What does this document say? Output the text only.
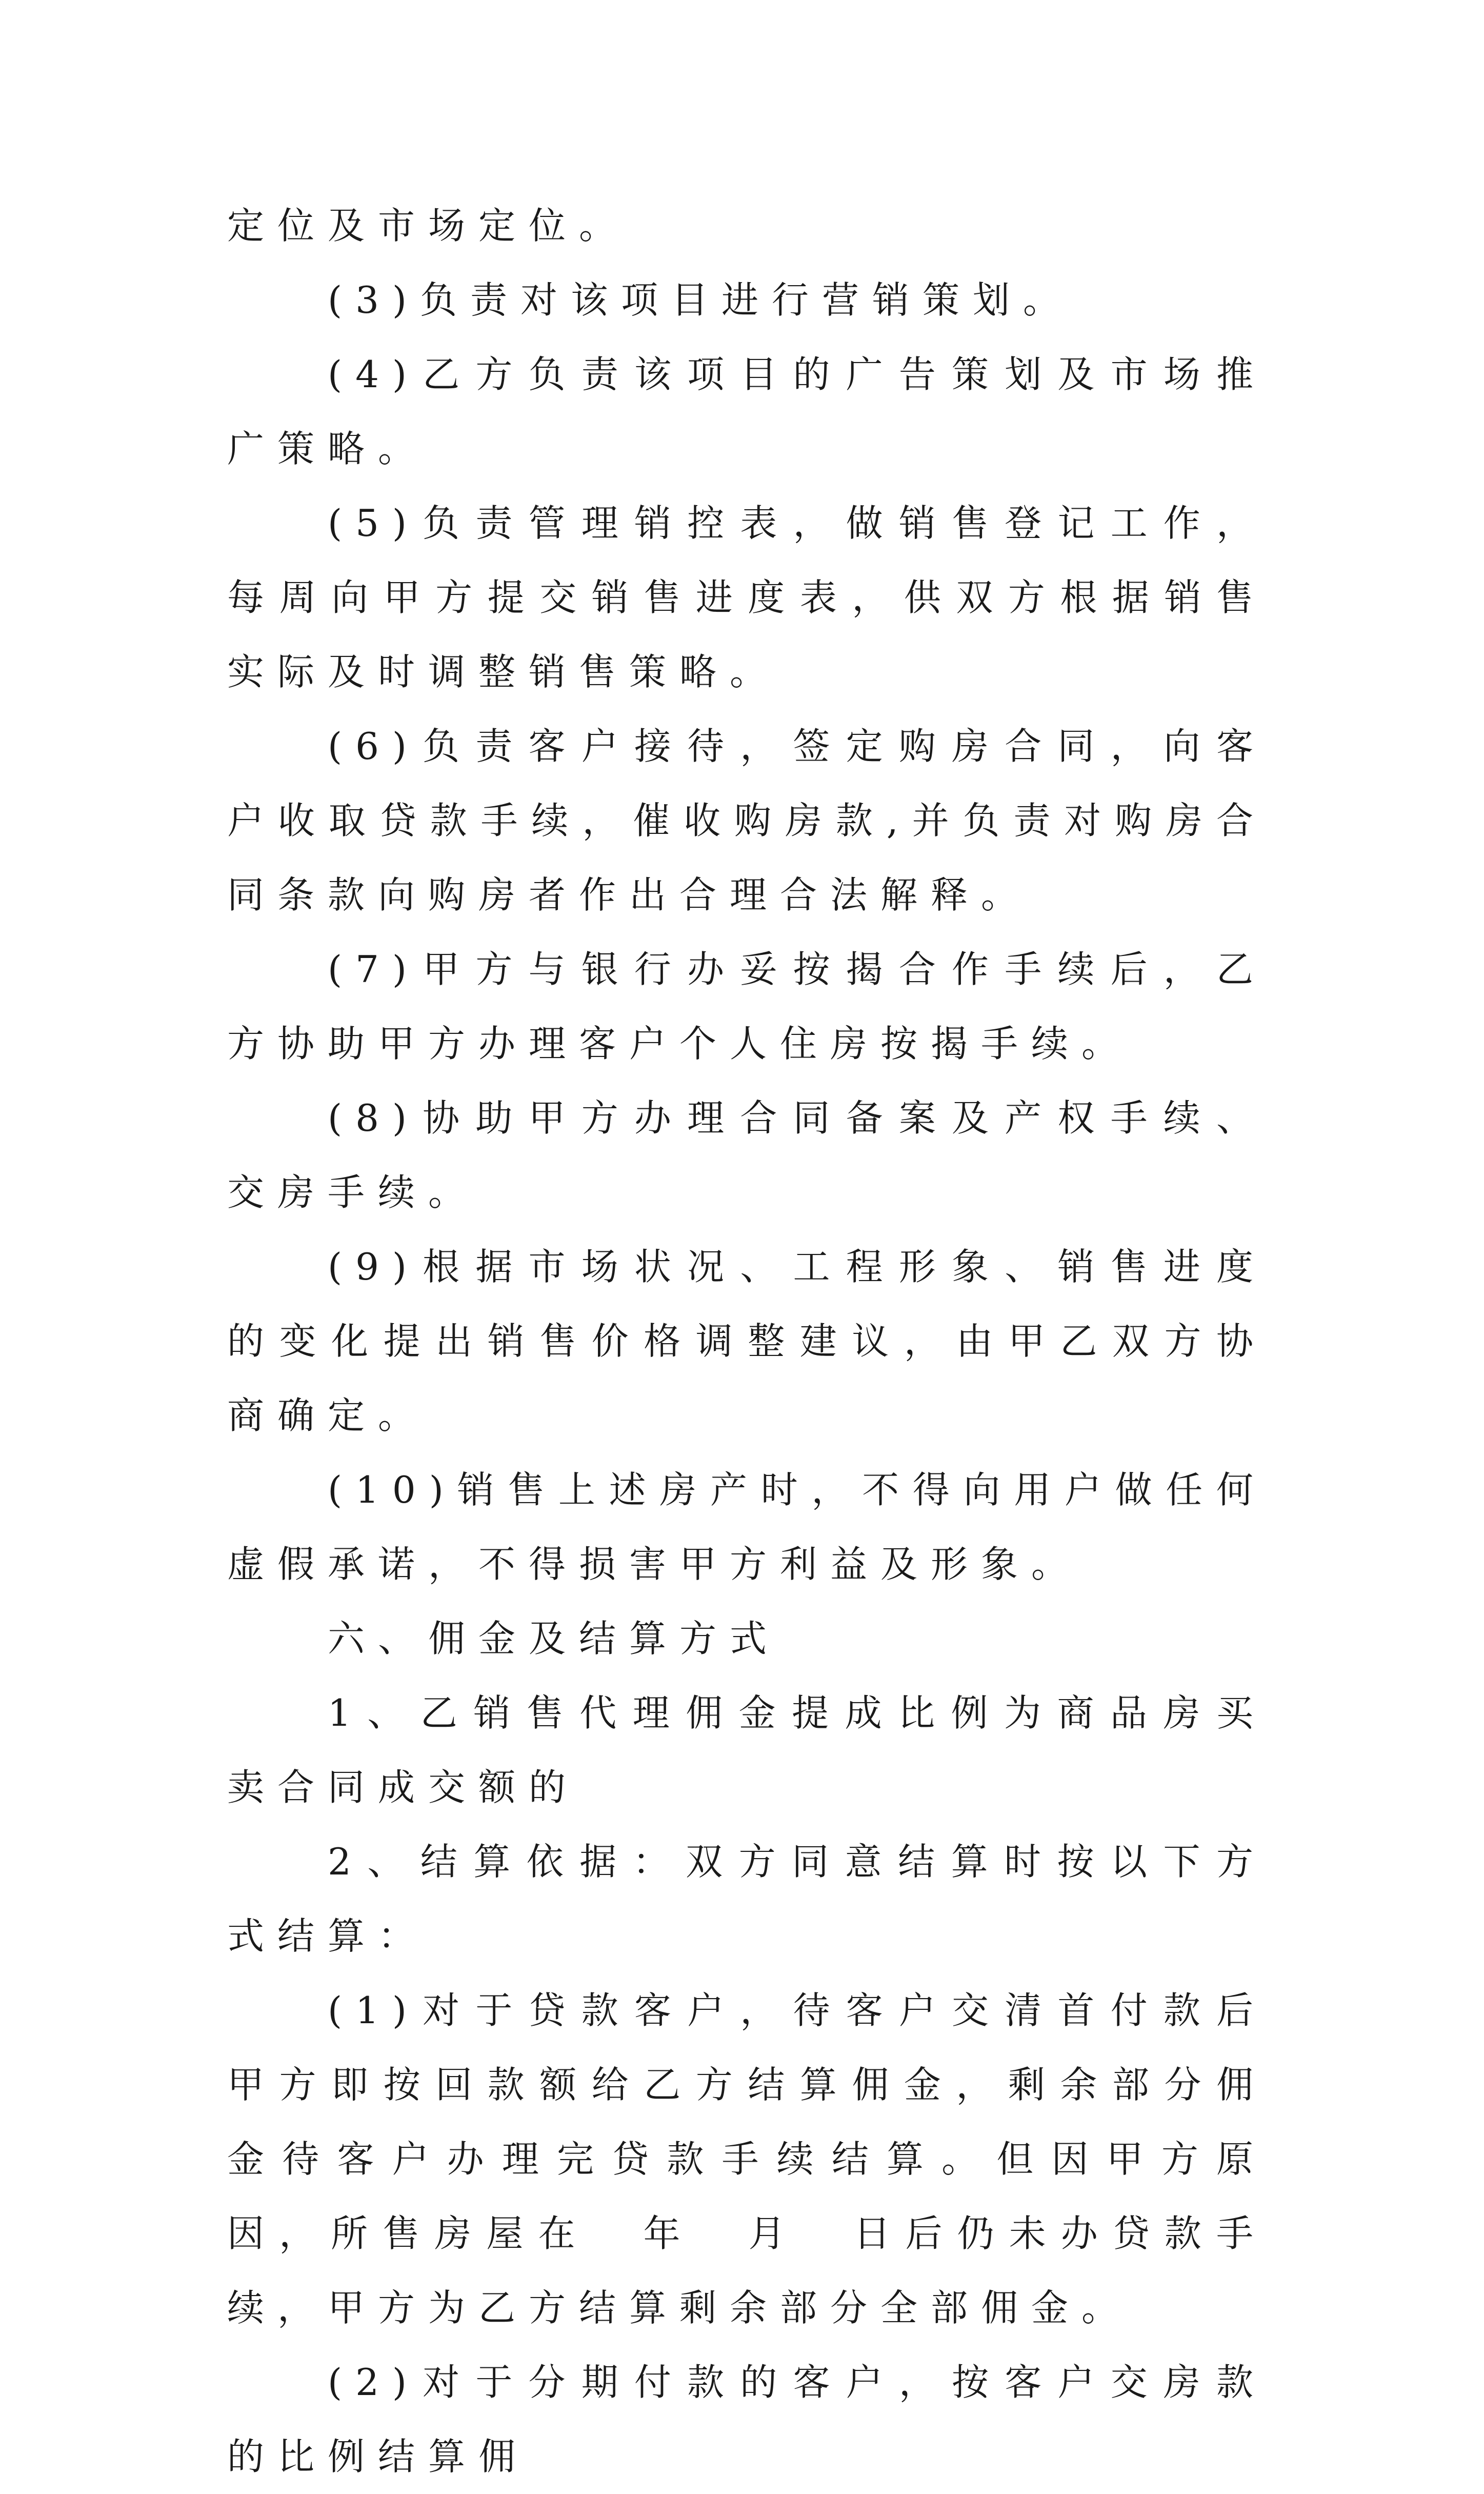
定位及市场定位。

(3)负责对该项目进行营销策划。

(4)乙方负责该项目的广告策划及市场推广策略。

(5)负责管理销控表，做销售登记工作，每周向甲方提交销售进度表，供双方根据销售实际及时调整销售策略。

(6)负责客户接待，签定购房合同，向客户收取贷款手续，催收购房款,并负责对购房合同条款向购房者作出合理合法解释。

(7)甲方与银行办妥按揭合作手续后，乙方协助甲方办理客户个人住房按揭手续。

(8)协助甲方办理合同备案及产权手续、交房手续。

(9)根据市场状况、工程形象、销售进度的变化提出销售价格调整建议，由甲乙双方协商确定。

(10)销售上述房产时，不得向用户做任何虚假承诺，不得损害甲方利益及形象。

六、佣金及结算方式

1、乙销售代理佣金提成比例为商品房买卖合同成交额的

2、结算依据：双方同意结算时按以下方式结算：

(1)对于贷款客户，待客户交清首付款后甲方即按回款额给乙方结算佣金，剩余部分佣金待客户办理完贷款手续结算。但因甲方原因，所售房屋在  年  月  日后仍未办贷款手续，甲方为乙方结算剩余部分全部佣金。

(2)对于分期付款的客户，按客户交房款的比例结算佣
